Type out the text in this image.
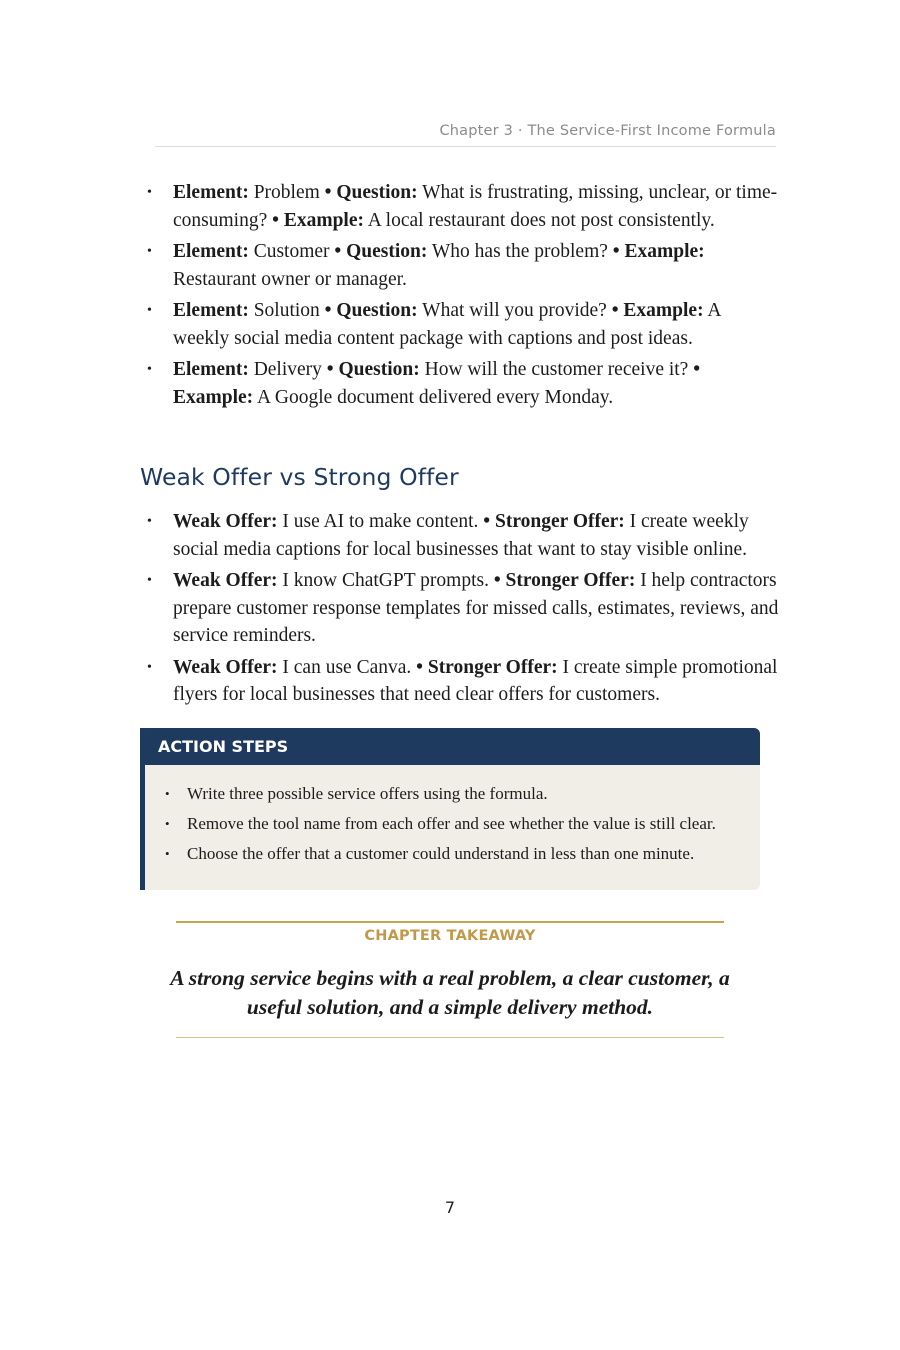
Chapter 3 · The Service-First Income Formula
• Element: Problem • Question: What is frustrating, missing, unclear, or time-consuming? • Example: A local restaurant does not post consistently.
• Element: Customer • Question: Who has the problem? • Example: Restaurant owner or manager.
• Element: Solution • Question: What will you provide? • Example: A weekly social media content package with captions and post ideas.
• Element: Delivery • Question: How will the customer receive it? • Example: A Google document delivered every Monday.
Weak Offer vs Strong Offer
• Weak Offer: I use AI to make content. • Stronger Offer: I create weekly social media captions for local businesses that want to stay visible online.
• Weak Offer: I know ChatGPT prompts. • Stronger Offer: I help contractors prepare customer response templates for missed calls, estimates, reviews, and service reminders.
• Weak Offer: I can use Canva. • Stronger Offer: I create simple promotional flyers for local businesses that need clear offers for customers.
ACTION STEPS
• Write three possible service offers using the formula.
• Remove the tool name from each offer and see whether the value is still clear.
• Choose the offer that a customer could understand in less than one minute.
CHAPTER TAKEAWAY
A strong service begins with a real problem, a clear customer, a useful solution, and a simple delivery method.
7
